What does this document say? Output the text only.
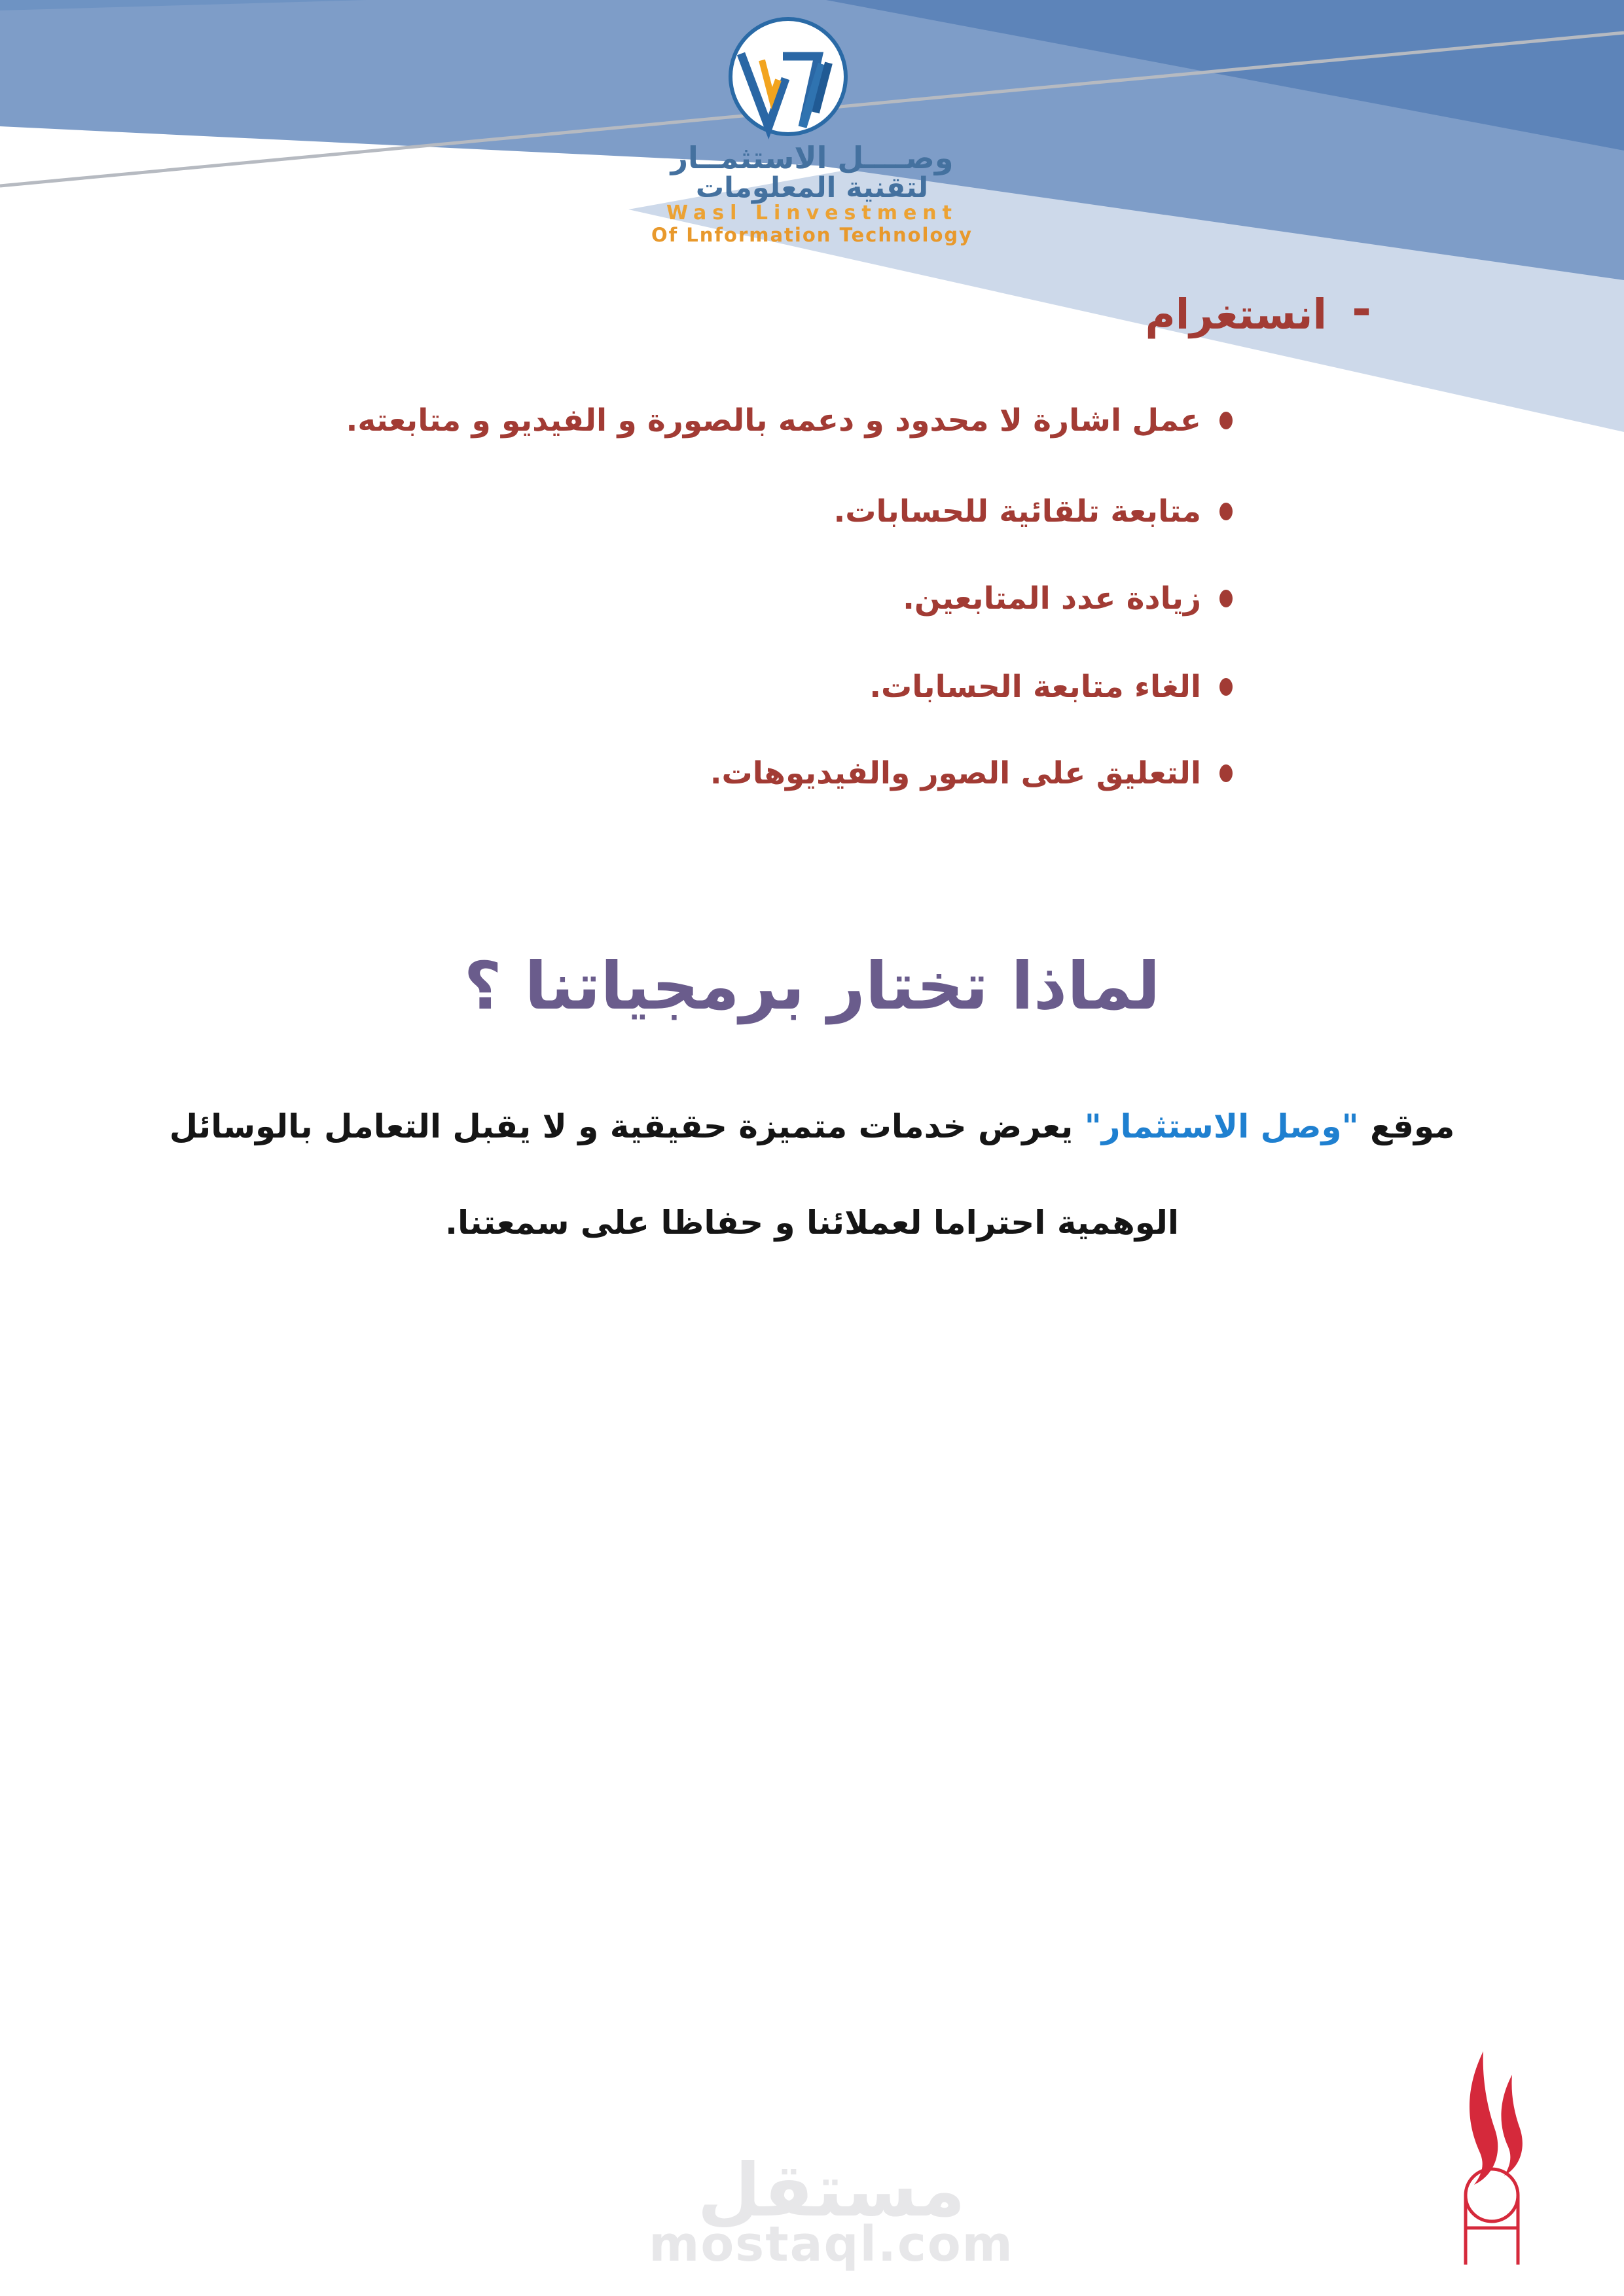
وصــــل الاستثمــار
لتقنية المعلومات
Wasl Linvestment
Of Lnformation Technology
-
انستغرام
عمل اشارة لا محدود و دعمه بالصورة و الفيديو و متابعته.
متابعة تلقائية للحسابات.
زيادة عدد المتابعين.
الغاء متابعة الحسابات.
التعليق على الصور والفيديوهات.
لماذا تختار برمجياتنا ؟
موقع "وصل الاستثمار" يعرض خدمات متميزة حقيقية و لا يقبل التعامل بالوسائل
الوهمية احتراما لعملائنا و حفاظا على سمعتنا.
مستقل
mostaql.com
